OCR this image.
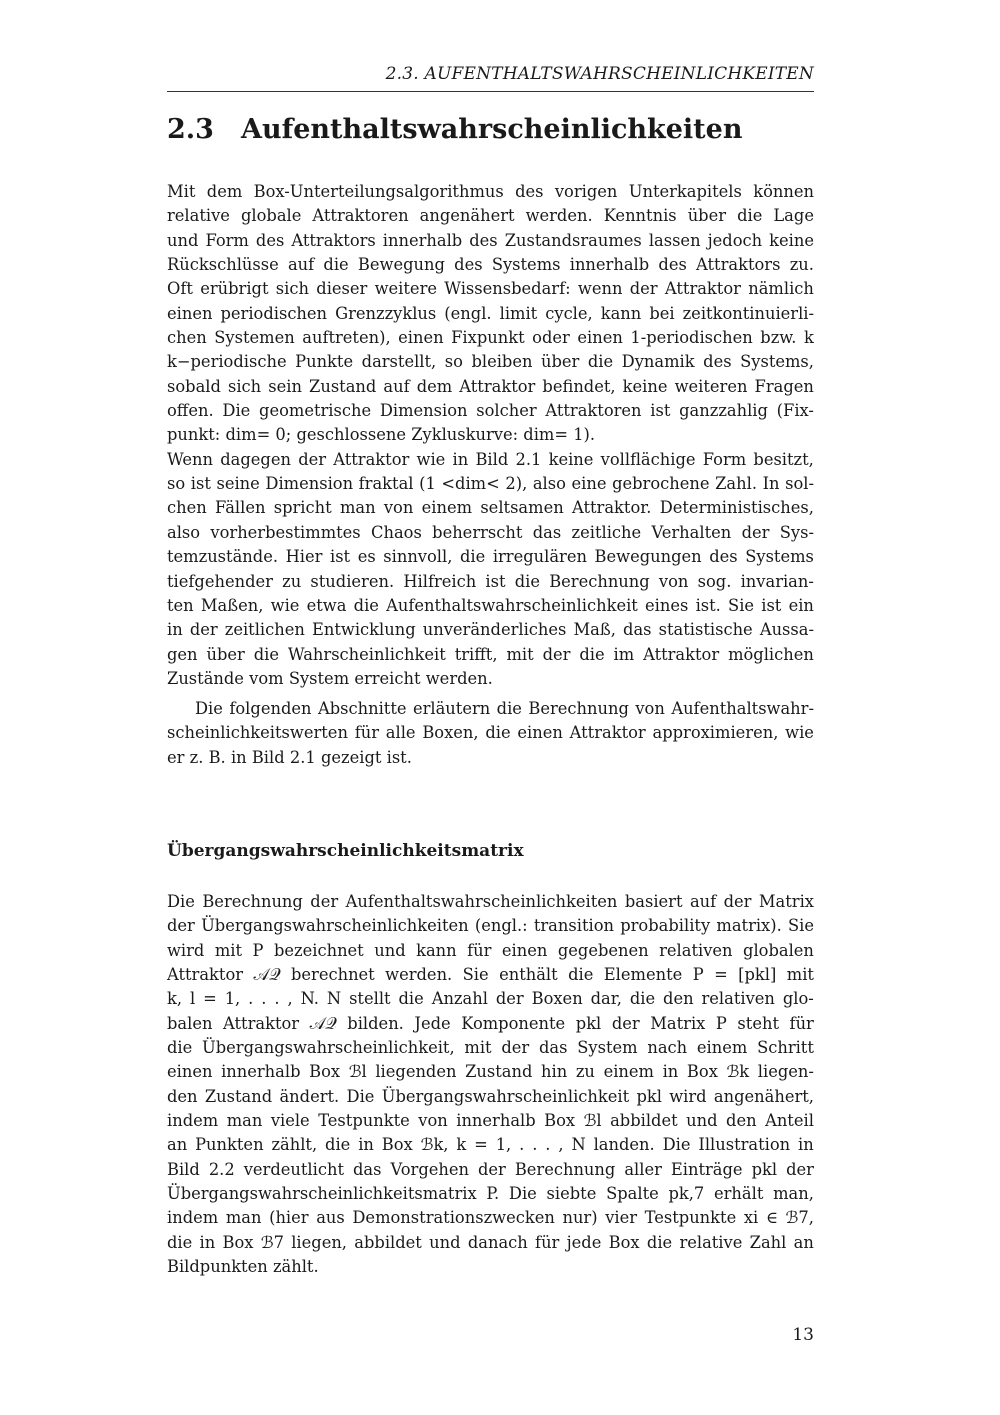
2.3. AUFENTHALTSWAHRSCHEINLICHKEITEN
2.3 Aufenthaltswahrscheinlichkeiten
Mit dem Box-Unterteilungsalgorithmus des vorigen Unterkapitels können
relative globale Attraktoren angenähert werden. Kenntnis über die Lage
und Form des Attraktors innerhalb des Zustandsraumes lassen jedoch keine
Rückschlüsse auf die Bewegung des Systems innerhalb des Attraktors zu.
Oft erübrigt sich dieser weitere Wissensbedarf: wenn der Attraktor nämlich
einen periodischen Grenzzyklus (engl. limit cycle, kann bei zeitkontinuierli-
chen Systemen auftreten), einen Fixpunkt oder einen 1-periodischen bzw. k
k−periodische Punkte darstellt, so bleiben über die Dynamik des Systems,
sobald sich sein Zustand auf dem Attraktor befindet, keine weiteren Fragen
offen. Die geometrische Dimension solcher Attraktoren ist ganzzahlig (Fix-
punkt: dim= 0; geschlossene Zykluskurve: dim= 1).
Wenn dagegen der Attraktor wie in Bild 2.1 keine vollflächige Form besitzt,
so ist seine Dimension fraktal (1 <dim< 2), also eine gebrochene Zahl. In sol-
chen Fällen spricht man von einem seltsamen Attraktor. Deterministisches,
also vorherbestimmtes Chaos beherrscht das zeitliche Verhalten der Sys-
temzustände. Hier ist es sinnvoll, die irregulären Bewegungen des Systems
tiefgehender zu studieren. Hilfreich ist die Berechnung von sog. invarian-
ten Maßen, wie etwa die Aufenthaltswahrscheinlichkeit eines ist. Sie ist ein
in der zeitlichen Entwicklung unveränderliches Maß, das statistische Aussa-
gen über die Wahrscheinlichkeit trifft, mit der die im Attraktor möglichen
Zustände vom System erreicht werden.
Die folgenden Abschnitte erläutern die Berechnung von Aufenthaltswahr-
scheinlichkeitswerten für alle Boxen, die einen Attraktor approximieren, wie
er z. B. in Bild 2.1 gezeigt ist.
Übergangswahrscheinlichkeitsmatrix
Die Berechnung der Aufenthaltswahrscheinlichkeiten basiert auf der Matrix
der Übergangswahrscheinlichkeiten (engl.: transition probability matrix). Sie
wird mit P bezeichnet und kann für einen gegebenen relativen globalen
Attraktor 𝒜𝒬 berechnet werden. Sie enthält die Elemente P = [pkl] mit
k, l = 1, . . . , N. N stellt die Anzahl der Boxen dar, die den relativen glo-
balen Attraktor 𝒜𝒬 bilden. Jede Komponente pkl der Matrix P steht für
die Übergangswahrscheinlichkeit, mit der das System nach einem Schritt
einen innerhalb Box ℬl liegenden Zustand hin zu einem in Box ℬk liegen-
den Zustand ändert. Die Übergangswahrscheinlichkeit pkl wird angenähert,
indem man viele Testpunkte von innerhalb Box ℬl abbildet und den Anteil
an Punkten zählt, die in Box ℬk, k = 1, . . . , N landen. Die Illustration in
Bild 2.2 verdeutlicht das Vorgehen der Berechnung aller Einträge pkl der
Übergangswahrscheinlichkeitsmatrix P. Die siebte Spalte pk,7 erhält man,
indem man (hier aus Demonstrationszwecken nur) vier Testpunkte xi ∈ ℬ7,
die in Box ℬ7 liegen, abbildet und danach für jede Box die relative Zahl an
Bildpunkten zählt.
13
